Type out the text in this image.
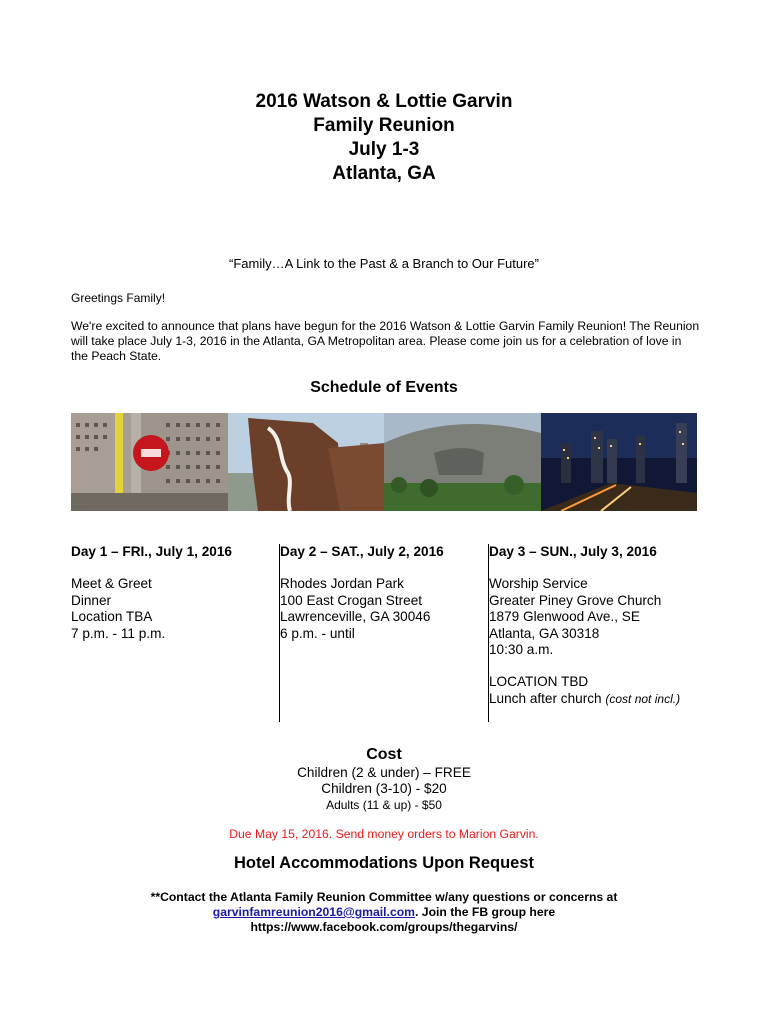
2016 Watson & Lottie Garvin

Family Reunion

July 1-3

Atlanta, GA

“Family…A Link to the Past & a Branch to Our Future”
Greetings Family!
We're excited to announce that plans have begun for the 2016 Watson & Lottie Garvin Family Reunion! The Reunion will take place July 1-3, 2016 in the Atlanta, GA Metropolitan area. Please come join us for a celebration of love in the Peach State.
Schedule of Events
Day 1 – FRI., July 1, 2016
Meet & Greet
Dinner
Location TBA
7 p.m. - 11 p.m.
Day 2 – SAT., July 2, 2016
Rhodes Jordan Park
100 East Crogan Street
Lawrenceville, GA 30046
6 p.m. - until
Day 3 – SUN., July 3, 2016
Worship Service
Greater Piney Grove Church
1879 Glenwood Ave., SE
Atlanta, GA 30318
10:30 a.m.
LOCATION TBD
Lunch after church (cost not incl.)
Cost
Children (2 & under) – FREE
Children (3-10) - $20
Adults (11 & up) - $50
Due May 15, 2016. Send money orders to Marion Garvin.
Hotel Accommodations Upon Request
**Contact the Atlanta Family Reunion Committee w/any questions or concerns at
garvinfamreunion2016@gmail.com. Join the FB group here
https://www.facebook.com/groups/thegarvins/
